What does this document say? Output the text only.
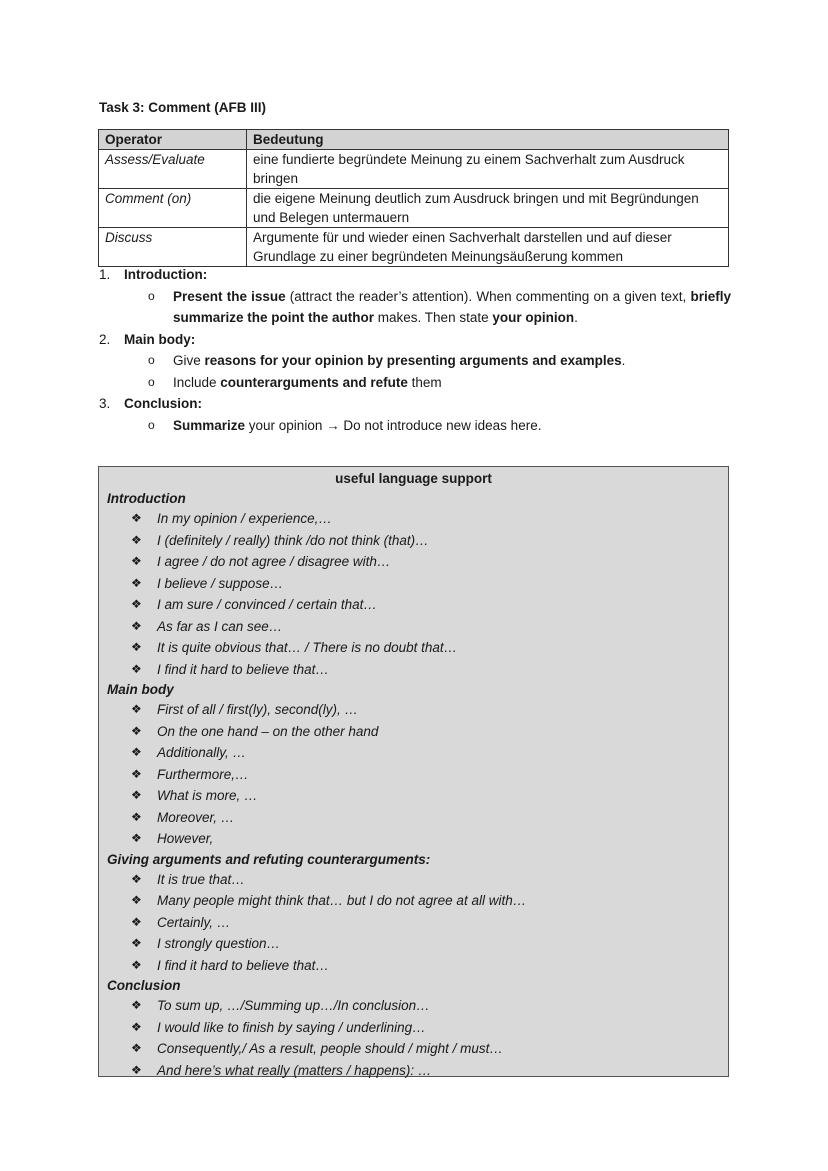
Task 3: Comment (AFB III)
Operator	Bedeutung
Assess/Evaluate	eine fundierte begründete Meinung zu einem Sachverhalt zum Ausdruck bringen
Comment (on)	die eigene Meinung deutlich zum Ausdruck bringen und mit Begründungen und Belegen untermauern
Discuss	Argumente für und wieder einen Sachverhalt darstellen und auf dieser Grundlage zu einer begründeten Meinungsäußerung kommen
1. Introduction:
o Present the issue (attract the reader’s attention). When commenting on a given text, briefly summarize the point the author makes. Then state your opinion.
2. Main body:
o Give reasons for your opinion by presenting arguments and examples.
o Include counterarguments and refute them
3. Conclusion:
o Summarize your opinion → Do not introduce new ideas here.
useful language support
Introduction
❖ In my opinion / experience,…
❖ I (definitely / really) think /do not think (that)…
❖ I agree / do not agree / disagree with…
❖ I believe / suppose…
❖ I am sure / convinced / certain that…
❖ As far as I can see…
❖ It is quite obvious that… / There is no doubt that…
❖ I find it hard to believe that…
Main body
❖ First of all / first(ly), second(ly), …
❖ On the one hand – on the other hand
❖ Additionally, …
❖ Furthermore,…
❖ What is more, …
❖ Moreover, …
❖ However,
Giving arguments and refuting counterarguments:
❖ It is true that…
❖ Many people might think that… but I do not agree at all with…
❖ Certainly, …
❖ I strongly question…
❖ I find it hard to believe that…
Conclusion
❖ To sum up, …/Summing up…/In conclusion…
❖ I would like to finish by saying / underlining…
❖ Consequently,/ As a result, people should / might / must…
❖ And here’s what really (matters / happens): …
